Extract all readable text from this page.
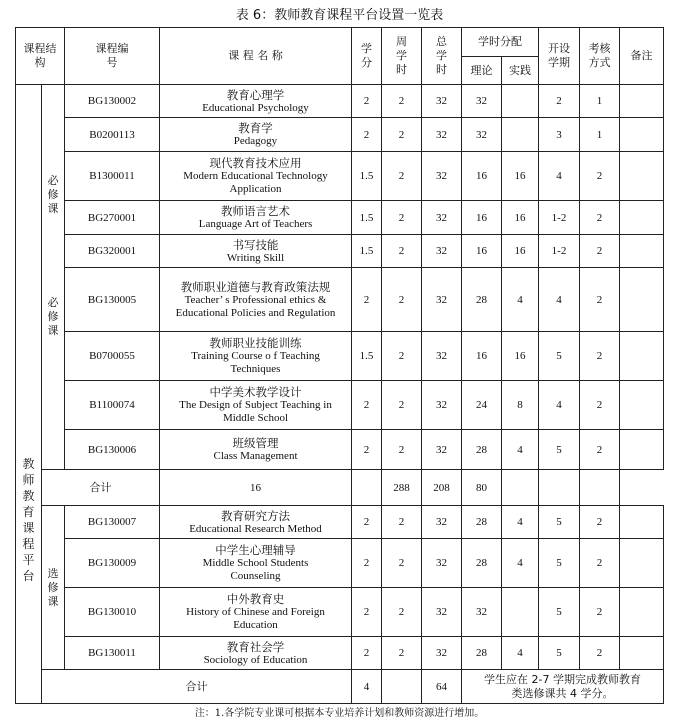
表 6：教师教育课程平台设置一览表
课程结构		课程编号	课 程 名 称	学分	周学时	总学时	学时分配		开设学期	考核方式	备注
							理论	实践			

	必修课	BG130002	教育心理学
Educational Psychology	2	2	32	32		2	1	
		B0200113	教育学
Pedagogy	2	2	32	32		3	1	
		B1300011	现代教育技术应用
Modern Educational Technology Application	1.5	2	32	16	16	4	2	
		BG270001	教师语言艺术
Language Art of Teachers	1.5	2	32	16	16	1-2	2	

	必修课	BG320001	书写技能
Writing Skill	1.5	2	32	16	16	1-2	2	
		BG130005	教师职业道德与教育政策法规
Teacher’ s Professional ethics & Educational Policies and Regulation	2	2	32	28	4	4	2	
		B0700055	教师职业技能训练
Training Course o f Teaching Techniques	1.5	2	32	16	16	5	2	
		B1100074	中学美术教学设计
The Design of Subject Teaching in Middle School	2	2	32	24	8	4	2	
		BG130006	班级管理
Class Management	2	2	32	28	4	5	2	
	合计		16		288	208	80				

	选修课	BG130007	教育研究方法
Educational Research Method	2	2	32	28	4	5	2	
		BG130009	中学生心理辅导
Middle School Students Counseling	2	2	32	28	4	5	2	
		BG130010	中外教育史
History of Chinese and Foreign Education	2	2	32	32		5	2	
		BG130011	教育社会学
Sociology of Education	2	2	32	28	4	5	2	
	合计			4		64	学生应在 2-7 学期完成教师教育类选修课共 4 学分。				
教师教育课程平台
注：1.各学院专业课可根据本专业培养计划和教师资源进行增加。
